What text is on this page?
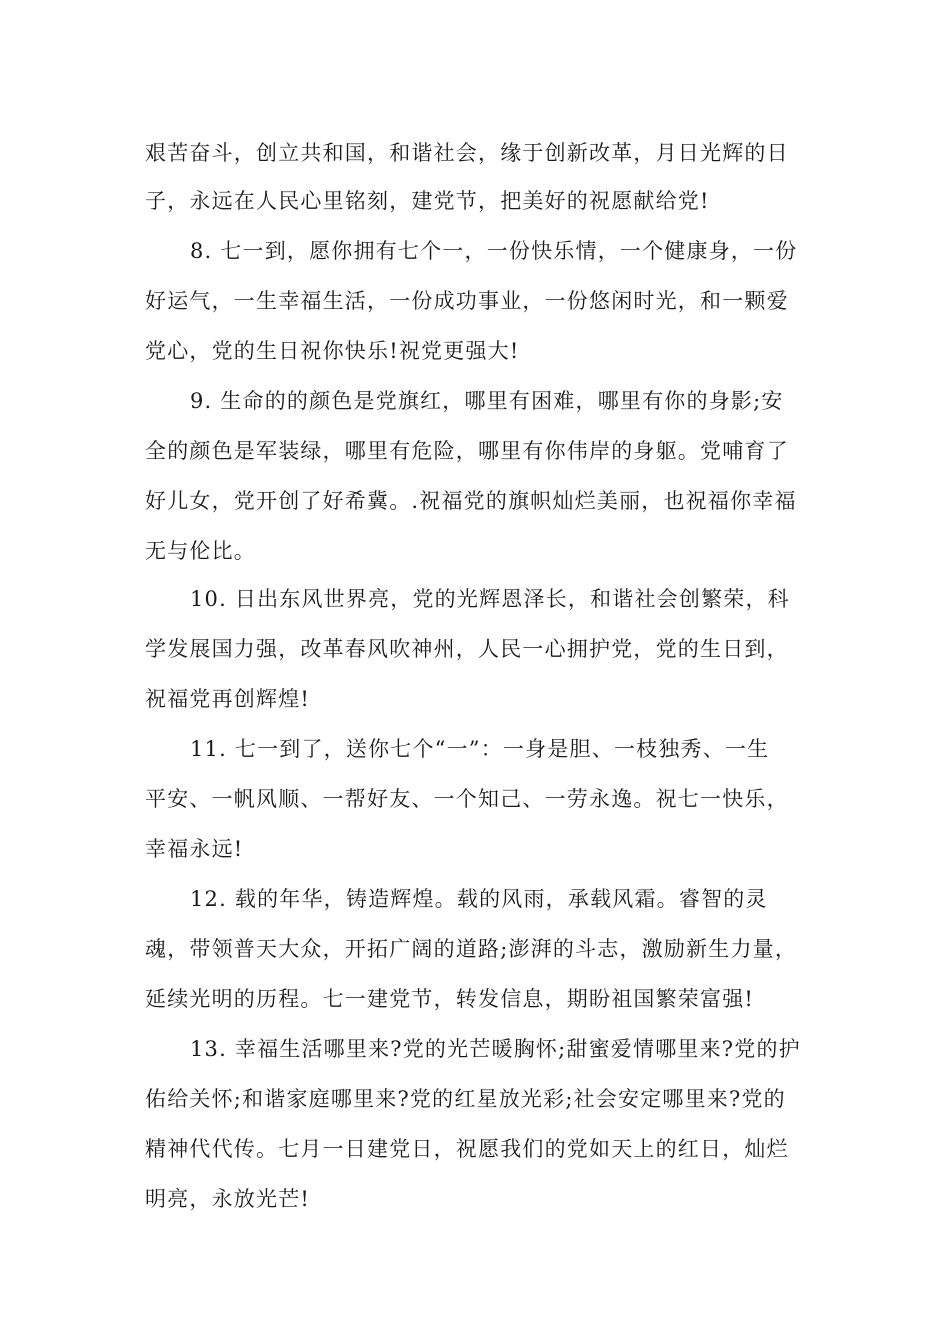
艰苦奋斗，创立共和国，和谐社会，缘于创新改革，月日光辉的日
子，永远在人民心里铭刻，建党节，把美好的祝愿献给党!
8. 七一到，愿你拥有七个一，一份快乐情，一个健康身，一份
好运气，一生幸福生活，一份成功事业，一份悠闲时光，和一颗爱
党心，党的生日祝你快乐!祝党更强大!
9. 生命的的颜色是党旗红，哪里有困难，哪里有你的身影;安
全的颜色是军装绿，哪里有危险，哪里有你伟岸的身躯。党哺育了
好儿女，党开创了好希冀。.祝福党的旗帜灿烂美丽，也祝福你幸福
无与伦比。
10. 日出东风世界亮，党的光辉恩泽长，和谐社会创繁荣，科
学发展国力强，改革春风吹神州，人民一心拥护党，党的生日到，
祝福党再创辉煌!
11. 七一到了，送你七个“一”：一身是胆、一枝独秀、一生
平安、一帆风顺、一帮好友、一个知己、一劳永逸。祝七一快乐，
幸福永远!
12. 载的年华，铸造辉煌。载的风雨，承载风霜。睿智的灵
魂，带领普天大众，开拓广阔的道路;澎湃的斗志，激励新生力量，
延续光明的历程。七一建党节，转发信息，期盼祖国繁荣富强!
13. 幸福生活哪里来?党的光芒暖胸怀;甜蜜爱情哪里来?党的护
佑给关怀;和谐家庭哪里来?党的红星放光彩;社会安定哪里来?党的
精神代代传。七月一日建党日，祝愿我们的党如天上的红日，灿烂
明亮，永放光芒!
